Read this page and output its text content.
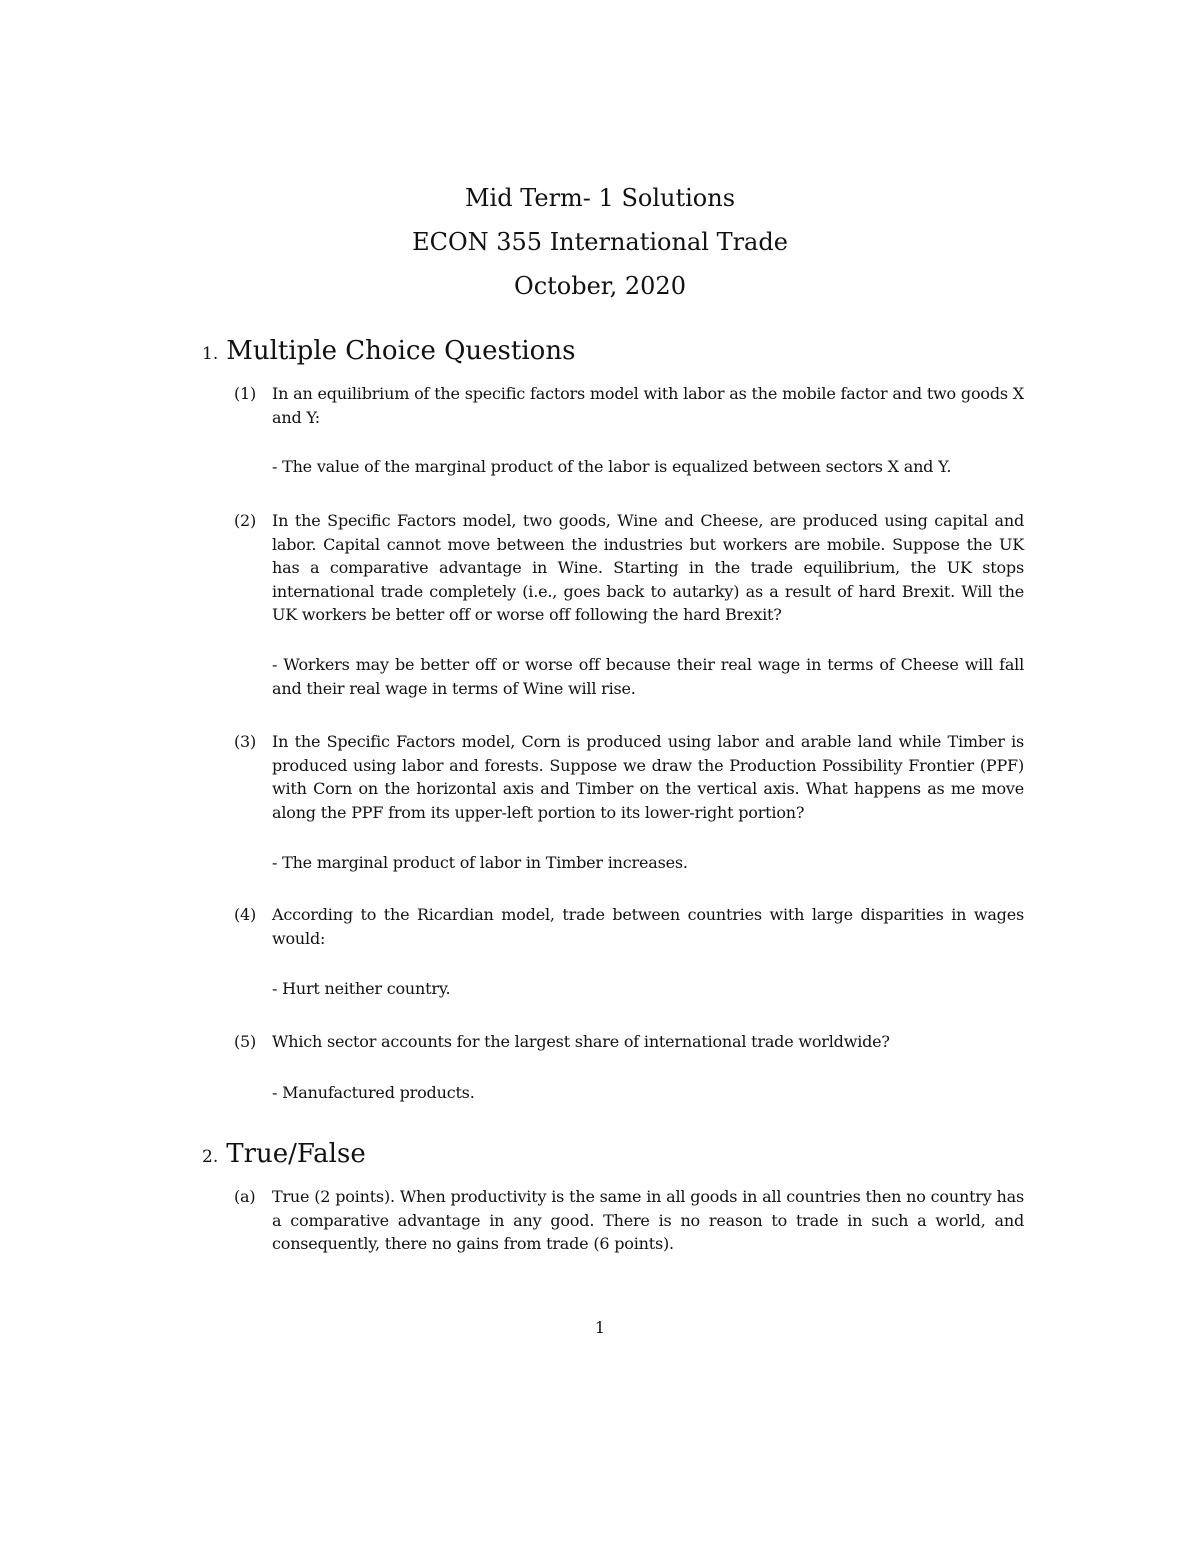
Mid Term- 1 Solutions
ECON 355 International Trade
October, 2020
1. Multiple Choice Questions
(1) In an equilibrium of the specific factors model with labor as the mobile factor and two goods X and Y:
- The value of the marginal product of the labor is equalized between sectors X and Y.
(2) In the Specific Factors model, two goods, Wine and Cheese, are produced using capital and labor. Capital cannot move between the industries but workers are mobile. Suppose the UK has a comparative advantage in Wine. Starting in the trade equilibrium, the UK stops international trade completely (i.e., goes back to autarky) as a result of hard Brexit. Will the UK workers be better off or worse off following the hard Brexit?
- Workers may be better off or worse off because their real wage in terms of Cheese will fall and their real wage in terms of Wine will rise.
(3) In the Specific Factors model, Corn is produced using labor and arable land while Timber is produced using labor and forests. Suppose we draw the Production Possibility Frontier (PPF) with Corn on the horizontal axis and Timber on the vertical axis. What happens as me move along the PPF from its upper-left portion to its lower-right portion?
- The marginal product of labor in Timber increases.
(4) According to the Ricardian model, trade between countries with large disparities in wages would:
- Hurt neither country.
(5) Which sector accounts for the largest share of international trade worldwide?
- Manufactured products.
2. True/False
(a) True (2 points). When productivity is the same in all goods in all countries then no country has a comparative advantage in any good. There is no reason to trade in such a world, and consequently, there no gains from trade (6 points).
1
